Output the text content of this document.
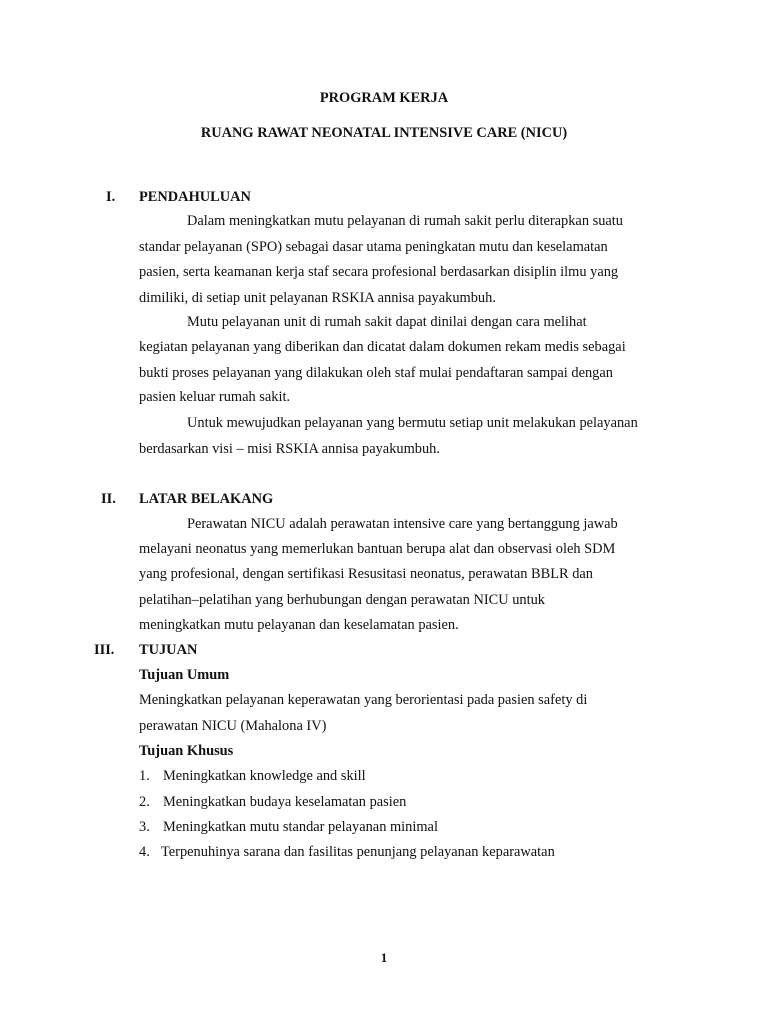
PROGRAM KERJA
RUANG RAWAT NEONATAL INTENSIVE CARE (NICU)
I. PENDAHULUAN
Dalam meningkatkan mutu pelayanan di rumah sakit perlu diterapkan suatu
standar pelayanan (SPO) sebagai dasar utama peningkatan mutu dan keselamatan
pasien, serta keamanan kerja staf secara profesional berdasarkan disiplin ilmu yang
dimiliki, di setiap unit pelayanan RSKIA annisa payakumbuh.
Mutu pelayanan unit di rumah sakit dapat dinilai dengan cara melihat
kegiatan pelayanan yang diberikan dan dicatat dalam dokumen rekam medis sebagai
bukti proses pelayanan yang dilakukan oleh staf mulai pendaftaran sampai dengan
pasien keluar rumah sakit.
Untuk mewujudkan pelayanan yang bermutu setiap unit melakukan pelayanan
berdasarkan visi – misi RSKIA annisa payakumbuh.
II. LATAR BELAKANG
Perawatan NICU adalah perawatan intensive care yang bertanggung jawab
melayani neonatus yang memerlukan bantuan berupa alat dan observasi oleh SDM
yang profesional, dengan sertifikasi Resusitasi neonatus, perawatan BBLR dan
pelatihan–pelatihan yang berhubungan dengan perawatan NICU untuk
meningkatkan mutu pelayanan dan keselamatan pasien.
III. TUJUAN
Tujuan Umum
Meningkatkan pelayanan keperawatan yang berorientasi pada pasien safety di
perawatan NICU (Mahalona IV)
Tujuan Khusus
1. Meningkatkan knowledge and skill
2. Meningkatkan budaya keselamatan pasien
3. Meningkatkan mutu standar pelayanan minimal
4. Terpenuhinya sarana dan fasilitas penunjang pelayanan keparawatan
1
